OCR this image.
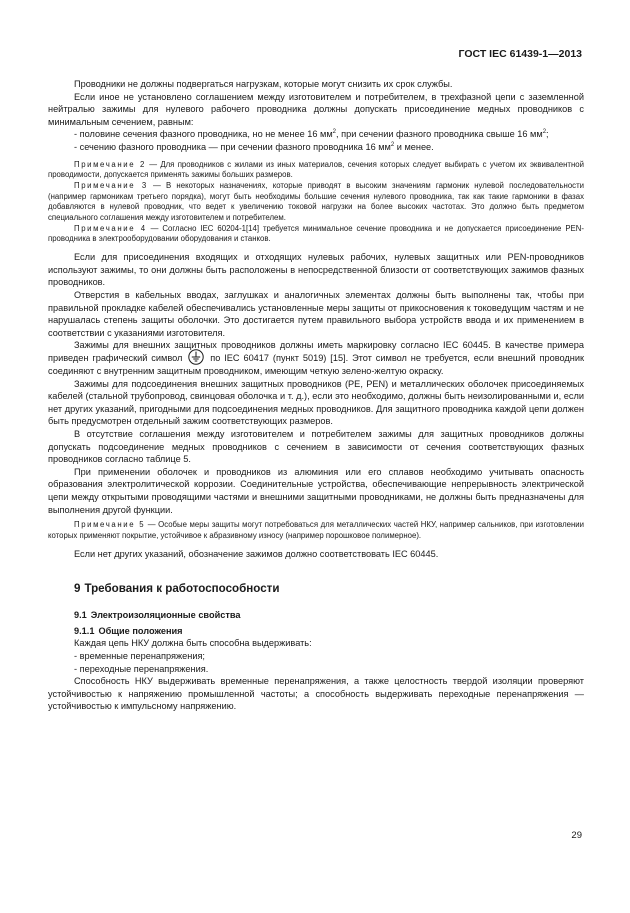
ГОСТ IEC 61439-1—2013

Проводники не должны подвергаться нагрузкам, которые могут снизить их срок службы.

Если иное не установлено соглашением между изготовителем и потребителем, в трехфазной цепи с заземленной нейтралью зажимы для нулевого рабочего проводника должны допускать присоединение медных проводников с минимальным сечением, равным:

- половине сечения фазного проводника, но не менее 16 $мм^2$, при сечении фазного проводника свыше 16 $мм^2$;

- сечению фазного проводника — при сечении фазного проводника 16 $мм^2$ и менее.

Примечание 2 — Для проводников с жилами из иных материалов, сечения которых следует выбирать с учетом их эквивалентной проводимости, допускается применять зажимы больших размеров.

Примечание 3 — В некоторых назначениях, которые приводят в высоким значениям гармоник нулевой последовательности (например гармоникам третьего порядка), могут быть необходимы большие сечения нулевого проводника, так как такие гармоники в фазах добавляются в нулевой проводник, что ведет к увеличению токовой нагрузки на более высоких частотах. Это должно быть предметом специального соглашения между изготовителем и потребителем.

Примечание 4 — Согласно IEC 60204-1[14] требуется минимальное сечение проводника и не допускается присоединение PEN-проводника в электрооборудовании оборудования и станков.

Если для присоединения входящих и отходящих нулевых рабочих, нулевых защитных или PEN-проводников используют зажимы, то они должны быть расположены в непосредственной близости от соответствующих зажимов фазных проводников.

Отверстия в кабельных вводах, заглушках и аналогичных элементах должны быть выполнены так, чтобы при правильной прокладке кабелей обеспечивались установленные меры защиты от прикосновения к токоведущим частям и не нарушалась степень защиты оболочки. Это достигается путем правильного выбора устройств ввода и их применением в соответствии с указаниями изготовителя.

Зажимы для внешних защитных проводников должны иметь маркировку согласно IEC 60445. В качестве примера приведен графический символ  по IEC 60417 (пункт 5019) [15]. Этот символ не требуется, если внешний проводник соединяют с внутренним защитным проводником, имеющим четкую зелено-желтую окраску.

Зажимы для подсоединения внешних защитных проводников (PE, PEN) и металлических оболочек присоединяемых кабелей (стальной трубопровод, свинцовая оболочка и т. д.), если это необходимо, должны быть неизолированными и, если нет других указаний, пригодными для подсоединения медных проводников. Для защитного проводника каждой цепи должен быть предусмотрен отдельный зажим соответствующих размеров.

В отсутствие соглашения между изготовителем и потребителем зажимы для защитных проводников должны допускать подсоединение медных проводников с сечением в зависимости от сечения соответствующих фазных проводников согласно таблице 5.

При применении оболочек и проводников из алюминия или его сплавов необходимо учитывать опасность образования электролитической коррозии. Соединительные устройства, обеспечивающие непрерывность электрической цепи между открытыми проводящими частями и внешними защитными проводниками, не должны быть предназначены для выполнения другой функции.

Примечание 5 — Особые меры защиты могут потребоваться для металлических частей НКУ, например сальников, при изготовлении которых применяют покрытие, устойчивое к абразивному износу (например порошковое полимерное).

Если нет других указаний, обозначение зажимов должно соответствовать IEC 60445.

9 Требования к работоспособности
9.1 Электроизоляционные свойства
9.1.1 Общие положения

Каждая цепь НКУ должна быть способна выдерживать:

- временные перенапряжения;

- переходные перенапряжения.

Способность НКУ выдерживать временные перенапряжения, а также целостность твердой изоляции проверяют устойчивостью к напряжению промышленной частоты; а способность выдерживать переходные перенапряжения — устойчивостью к импульсному напряжению.

29
